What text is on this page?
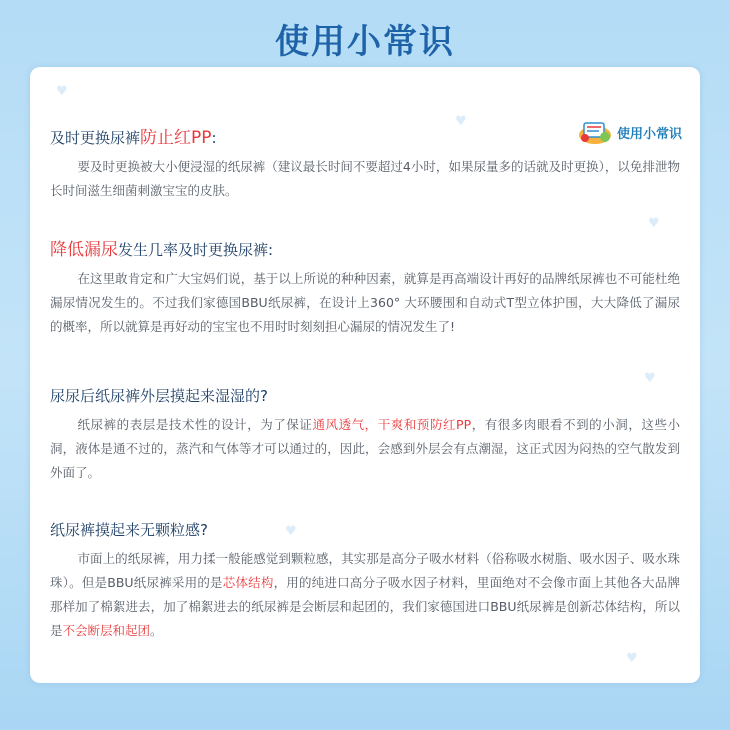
使用小常识
♥
♥
♥
♥
♥
♥
使用小常识
及时更换尿裤防止红PP:

要及时更换被大小便浸湿的纸尿裤（建议最长时间不要超过4小时，如果尿量多的话就及时更换），以免排泄物长时间滋生细菌刺激宝宝的皮肤。

降低漏尿发生几率及时更换尿裤:

在这里敢肯定和广大宝妈们说，基于以上所说的种种因素，就算是再高端设计再好的品牌纸尿裤也不可能杜绝漏尿情况发生的。不过我们家德国BBU纸尿裤，在设计上360° 大环腰围和自动式T型立体护围，大大降低了漏尿的概率，所以就算是再好动的宝宝也不用时时刻刻担心漏尿的情况发生了!

尿尿后纸尿裤外层摸起来湿湿的?

纸尿裤的表层是技术性的设计，为了保证通风透气，干爽和预防红PP，有很多肉眼看不到的小洞，这些小洞，液体是通不过的，蒸汽和气体等才可以通过的，因此，会感到外层会有点潮湿，这正式因为闷热的空气散发到外面了。

纸尿裤摸起来无颗粒感?

市面上的纸尿裤，用力揉一般能感觉到颗粒感，其实那是高分子吸水材料（俗称吸水树脂、吸水因子、吸水珠珠）。但是BBU纸尿裤采用的是芯体结构，用的纯进口高分子吸水因子材料，里面绝对不会像市面上其他各大品牌那样加了棉絮进去，加了棉絮进去的纸尿裤是会断层和起团的，我们家德国进口BBU纸尿裤是创新芯体结构，所以是不会断层和起团。
